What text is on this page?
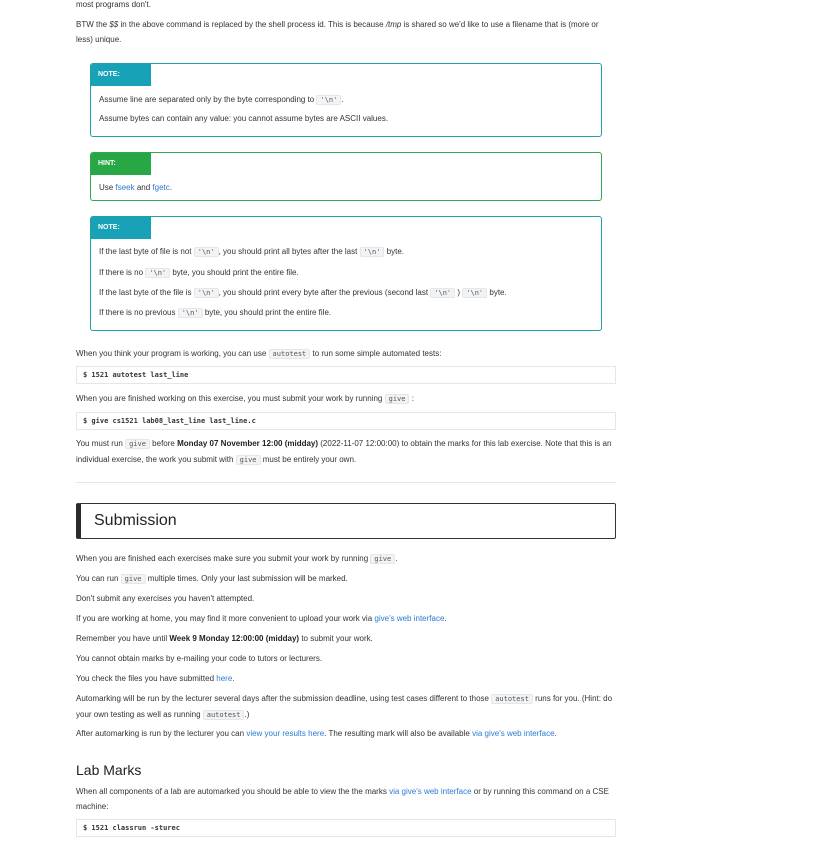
most programs don't.

BTW the $$ in the above command is replaced by the shell process id. This is because /tmp is shared so we'd like to use a filename that is (more or less) unique.

NOTE:
Assume line are separated only by the byte corresponding to '\n' .
Assume bytes can contain any value: you cannot assume bytes are ASCII values.
HINT:
Use fseek and fgetc.
NOTE:
If the last byte of file is not '\n' , you should print all bytes after the last '\n' byte.
If there is no '\n' byte, you should print the entire file.
If the last byte of the file is '\n' , you should print every byte after the previous (second last '\n' ) '\n' byte.
If there is no previous '\n' byte, you should print the entire file.

When you think your program is working, you can use autotest to run some simple automated tests:

$ 1521 autotest last_line

When you are finished working on this exercise, you must submit your work by running give :

$ give cs1521 lab08_last_line last_line.c

You must run give before Monday 07 November 12:00 (midday) (2022-11-07 12:00:00) to obtain the marks for this lab exercise. Note that this is an individual exercise, the work you submit with give must be entirely your own.

Submission

When you are finished each exercises make sure you submit your work by running give .

You can run give multiple times. Only your last submission will be marked.

Don't submit any exercises you haven't attempted.

If you are working at home, you may find it more convenient to upload your work via give's web interface.

Remember you have until Week 9 Monday 12:00:00 (midday) to submit your work.

You cannot obtain marks by e-mailing your code to tutors or lecturers.

You check the files you have submitted here.

Automarking will be run by the lecturer several days after the submission deadline, using test cases different to those autotest runs for you. (Hint: do your own testing as well as running autotest .)

After automarking is run by the lecturer you can view your results here. The resulting mark will also be available via give's web interface.

Lab Marks

When all components of a lab are automarked you should be able to view the the marks via give's web interface or by running this command on a CSE machine:

$ 1521 classrun -sturec
